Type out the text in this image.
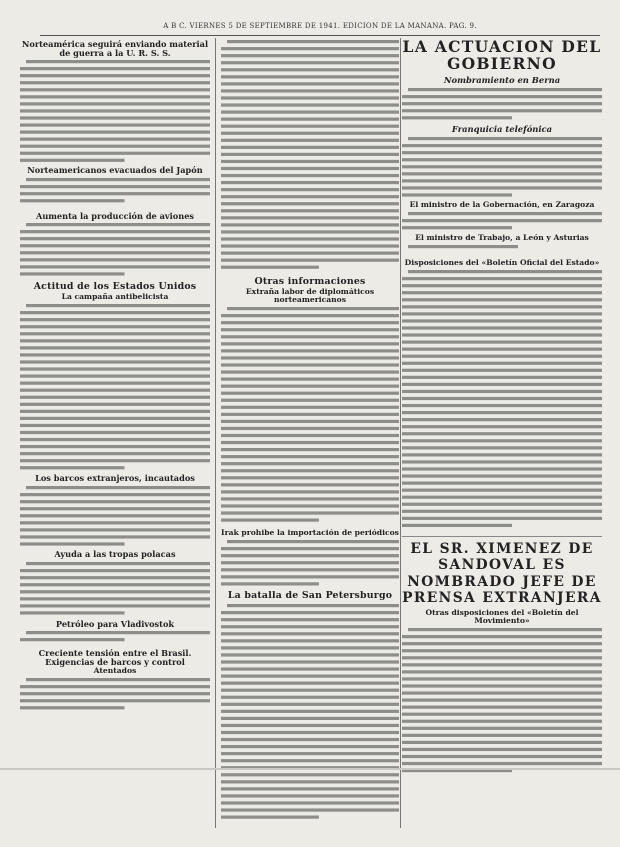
A B C. VIERNES 5 DE SEPTIEMBRE DE 1941. EDICION DE LA MAÑANA. PAG. 9.
Norteamérica seguirá enviando material de guerra a la U. R. S. S.
Norteamericanos evacuados del Japón
Aumenta la producción de aviones
Actitud de los Estados Unidos
La campaña antibelicista
Los barcos extranjeros, incautados
Ayuda a las tropas polacas
Petróleo para Vladivostok
Creciente tensión entre el Brasil. Exigencias de barcos y control
Atentados
Otras informaciones
Extraña labor de diplomáticos norteamericanos
Irak prohibe la importación de periódicos
La batalla de San Petersburgo
LA ACTUACION DEL GOBIERNO
Nombramiento en Berna
Franquicia telefónica
El ministro de la Gobernación, en Zaragoza
El ministro de Trabajo, a León y Asturias
Disposiciones del «Boletín Oficial del Estado»
EL SR. XIMENEZ DE SANDOVAL ES NOMBRADO JEFE DE PRENSA EXTRANJERA
Otras disposiciones del «Boletín del Movimiento»
